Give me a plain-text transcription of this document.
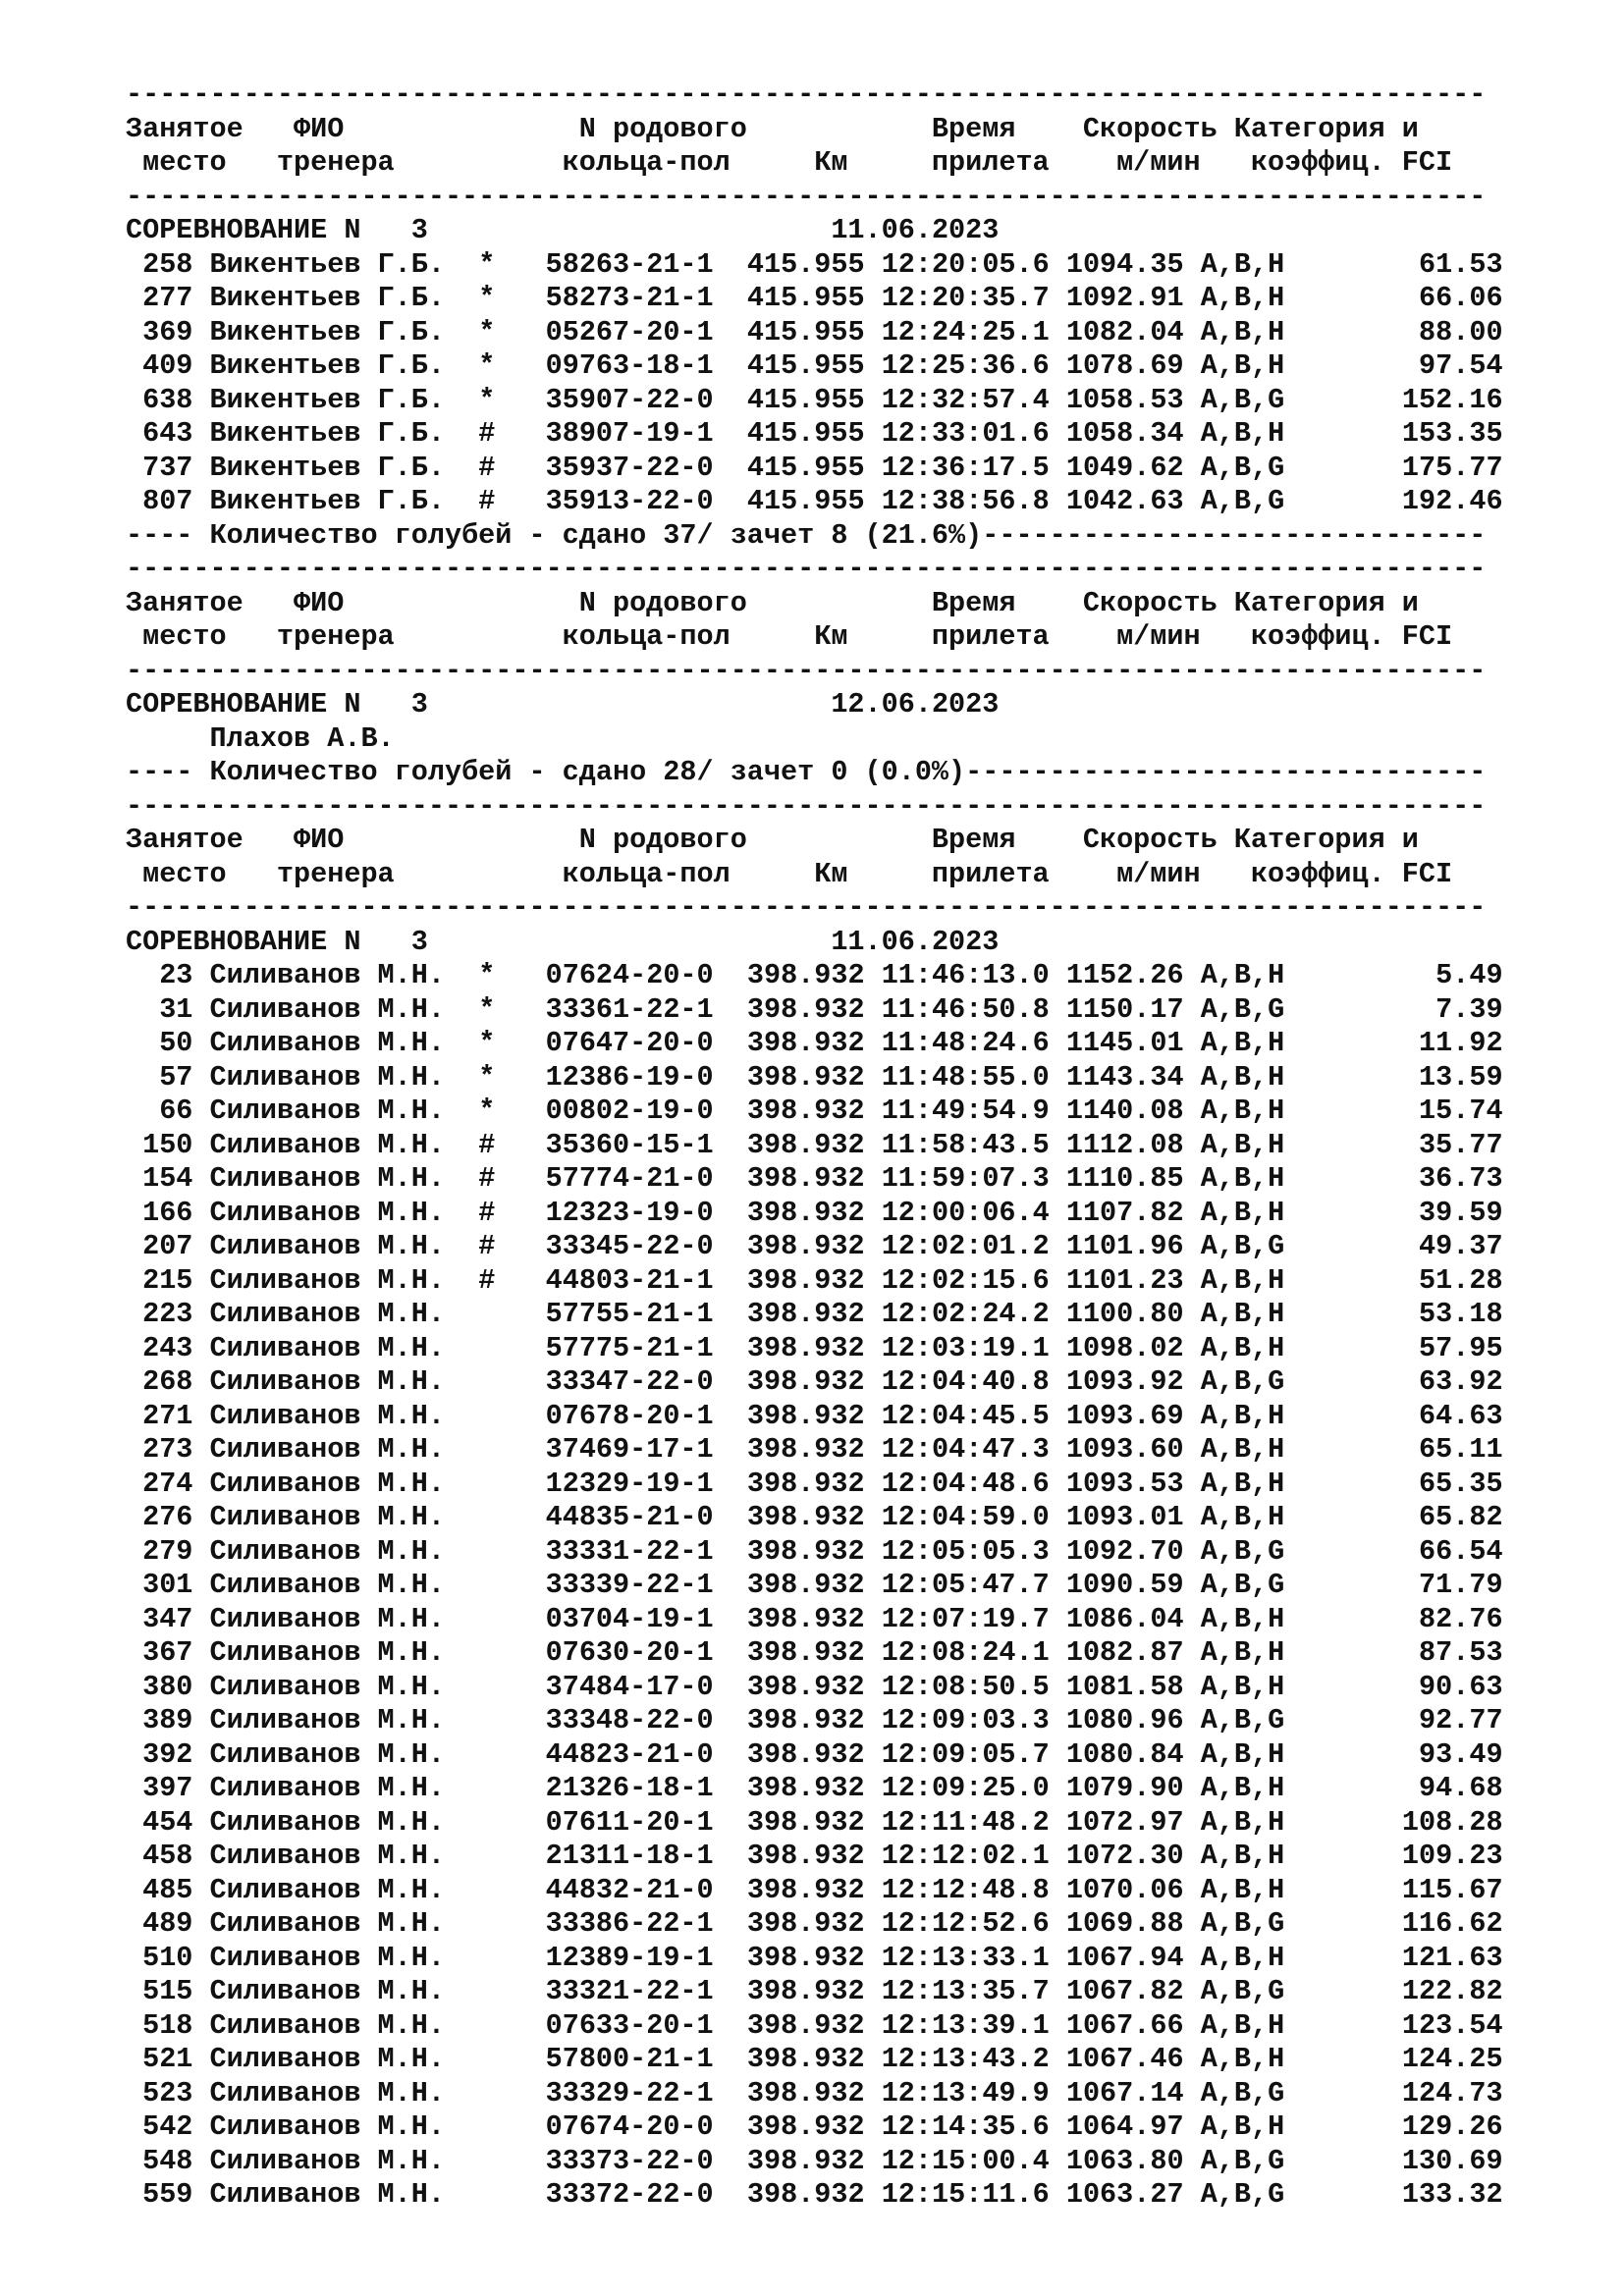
---------------------------------------------------------------------------------
Занятое   ФИО              N родового           Время    Скорость Категория и
место   тренера          кольца-пол     Км     прилета    м/мин   коэффиц. FCI
---------------------------------------------------------------------------------
СОРЕВНОВАНИЕ N   3	11.06.2023
258 Викентьев Г.Б.  * 58263-21-1 415.955 12:20:05.6 1094.35 A,B,H        61.53
277 Викентьев Г.Б.  * 58273-21-1 415.955 12:20:35.7 1092.91 A,B,H        66.06
369 Викентьев Г.Б.  * 05267-20-1 415.955 12:24:25.1 1082.04 A,B,H        88.00
409 Викентьев Г.Б.  * 09763-18-1 415.955 12:25:36.6 1078.69 A,B,H        97.54
638 Викентьев Г.Б.  * 35907-22-0 415.955 12:32:57.4 1058.53 A,B,G       152.16
643 Викентьев Г.Б.  # 38907-19-1 415.955 12:33:01.6 1058.34 A,B,H       153.35
737 Викентьев Г.Б.  # 35937-22-0 415.955 12:36:17.5 1049.62 A,B,G       175.77
807 Викентьев Г.Б.  # 35913-22-0 415.955 12:38:56.8 1042.63 A,B,G       192.46
---- Количество голубей - сдано 37/ зачет 8 (21.6%)------------------------------
---------------------------------------------------------------------------------
Занятое   ФИО              N родового           Время    Скорость Категория и
место   тренера          кольца-пол     Км     прилета    м/мин   коэффиц. FCI
---------------------------------------------------------------------------------
СОРЕВНОВАНИЕ N   3	12.06.2023
Плахов А.В.
---- Количество голубей - сдано 28/ зачет 0 (0.0%)-------------------------------
---------------------------------------------------------------------------------
Занятое   ФИО              N родового           Время    Скорость Категория и
место   тренера          кольца-пол     Км     прилета    м/мин   коэффиц. FCI
---------------------------------------------------------------------------------
СОРЕВНОВАНИЕ N   3	11.06.2023
23 Силиванов М.Н.  * 07624-20-0 398.932 11:46:13.0 1152.26 A,B,H         5.49
31 Силиванов М.Н.  * 33361-22-1 398.932 11:46:50.8 1150.17 A,B,G         7.39
50 Силиванов М.Н.  * 07647-20-0 398.932 11:48:24.6 1145.01 A,B,H        11.92
57 Силиванов М.Н.  * 12386-19-0 398.932 11:48:55.0 1143.34 A,B,H        13.59
66 Силиванов М.Н.  * 00802-19-0 398.932 11:49:54.9 1140.08 A,B,H        15.74
150 Силиванов М.Н.  # 35360-15-1 398.932 11:58:43.5 1112.08 A,B,H        35.77
154 Силиванов М.Н.  # 57774-21-0 398.932 11:59:07.3 1110.85 A,B,H        36.73
166 Силиванов М.Н.  # 12323-19-0 398.932 12:00:06.4 1107.82 A,B,H        39.59
207 Силиванов М.Н.  # 33345-22-0 398.932 12:02:01.2 1101.96 A,B,G        49.37
215 Силиванов М.Н.  # 44803-21-1 398.932 12:02:15.6 1101.23 A,B,H        51.28
223 Силиванов М.Н.	57755-21-1 398.932 12:02:24.2 1100.80 A,B,H        53.18
243 Силиванов М.Н.	57775-21-1 398.932 12:03:19.1 1098.02 A,B,H        57.95
268 Силиванов М.Н.	33347-22-0 398.932 12:04:40.8 1093.92 A,B,G        63.92
271 Силиванов М.Н.	07678-20-1 398.932 12:04:45.5 1093.69 A,B,H        64.63
273 Силиванов М.Н.	37469-17-1 398.932 12:04:47.3 1093.60 A,B,H        65.11
274 Силиванов М.Н.	12329-19-1 398.932 12:04:48.6 1093.53 A,B,H        65.35
276 Силиванов М.Н.	44835-21-0 398.932 12:04:59.0 1093.01 A,B,H        65.82
279 Силиванов М.Н.	33331-22-1 398.932 12:05:05.3 1092.70 A,B,G        66.54
301 Силиванов М.Н.	33339-22-1 398.932 12:05:47.7 1090.59 A,B,G        71.79
347 Силиванов М.Н.	03704-19-1 398.932 12:07:19.7 1086.04 A,B,H        82.76
367 Силиванов М.Н.	07630-20-1 398.932 12:08:24.1 1082.87 A,B,H        87.53
380 Силиванов М.Н.	37484-17-0 398.932 12:08:50.5 1081.58 A,B,H        90.63
389 Силиванов М.Н.	33348-22-0 398.932 12:09:03.3 1080.96 A,B,G        92.77
392 Силиванов М.Н.	44823-21-0 398.932 12:09:05.7 1080.84 A,B,H        93.49
397 Силиванов М.Н.	21326-18-1 398.932 12:09:25.0 1079.90 A,B,H        94.68
454 Силиванов М.Н.	07611-20-1 398.932 12:11:48.2 1072.97 A,B,H       108.28
458 Силиванов М.Н.	21311-18-1 398.932 12:12:02.1 1072.30 A,B,H       109.23
485 Силиванов М.Н.	44832-21-0 398.932 12:12:48.8 1070.06 A,B,H       115.67
489 Силиванов М.Н.	33386-22-1 398.932 12:12:52.6 1069.88 A,B,G       116.62
510 Силиванов М.Н.	12389-19-1 398.932 12:13:33.1 1067.94 A,B,H       121.63
515 Силиванов М.Н.	33321-22-1 398.932 12:13:35.7 1067.82 A,B,G       122.82
518 Силиванов М.Н.	07633-20-1 398.932 12:13:39.1 1067.66 A,B,H       123.54
521 Силиванов М.Н.	57800-21-1 398.932 12:13:43.2 1067.46 A,B,H       124.25
523 Силиванов М.Н.	33329-22-1 398.932 12:13:49.9 1067.14 A,B,G       124.73
542 Силиванов М.Н.	07674-20-0 398.932 12:14:35.6 1064.97 A,B,H       129.26
548 Силиванов М.Н.	33373-22-0 398.932 12:15:00.4 1063.80 A,B,G       130.69
559 Силиванов М.Н.	33372-22-0 398.932 12:15:11.6 1063.27 A,B,G       133.32
